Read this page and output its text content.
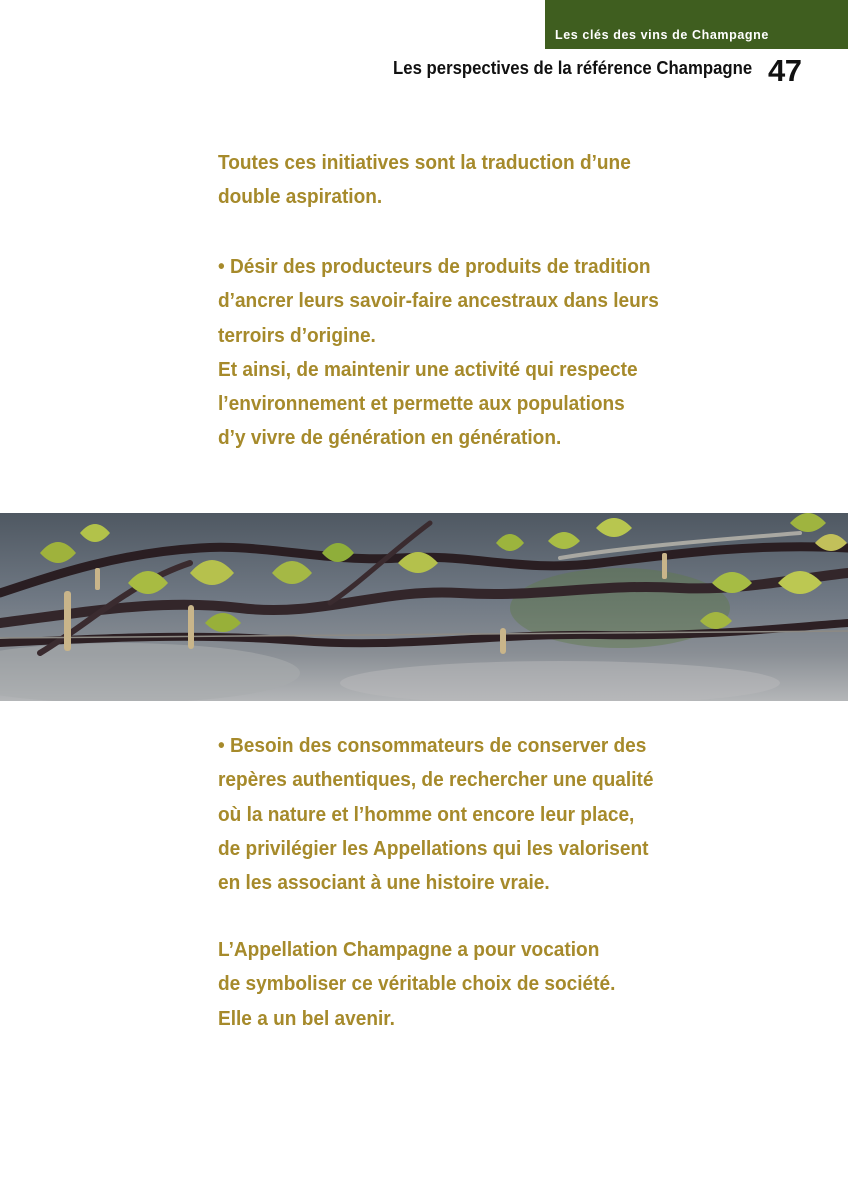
Les clés des vins de Champagne
Les perspectives de la référence Champagne 47

Toutes ces initiatives sont la traduction d’une

double aspiration.

• Désir des producteurs de produits de tradition

d’ancrer leurs savoir-faire ancestraux dans leurs

terroirs d’origine.

Et ainsi, de maintenir une activité qui respecte

l’environnement et permette aux populations

d’y vivre de génération en génération.

• Besoin des consommateurs de conserver des

repères authentiques, de rechercher une qualité

où la nature et l’homme ont encore leur place,

de privilégier les Appellations qui les valorisent

en les associant à une histoire vraie.

L’Appellation Champagne a pour vocation

de symboliser ce véritable choix de société.

Elle a un bel avenir.
